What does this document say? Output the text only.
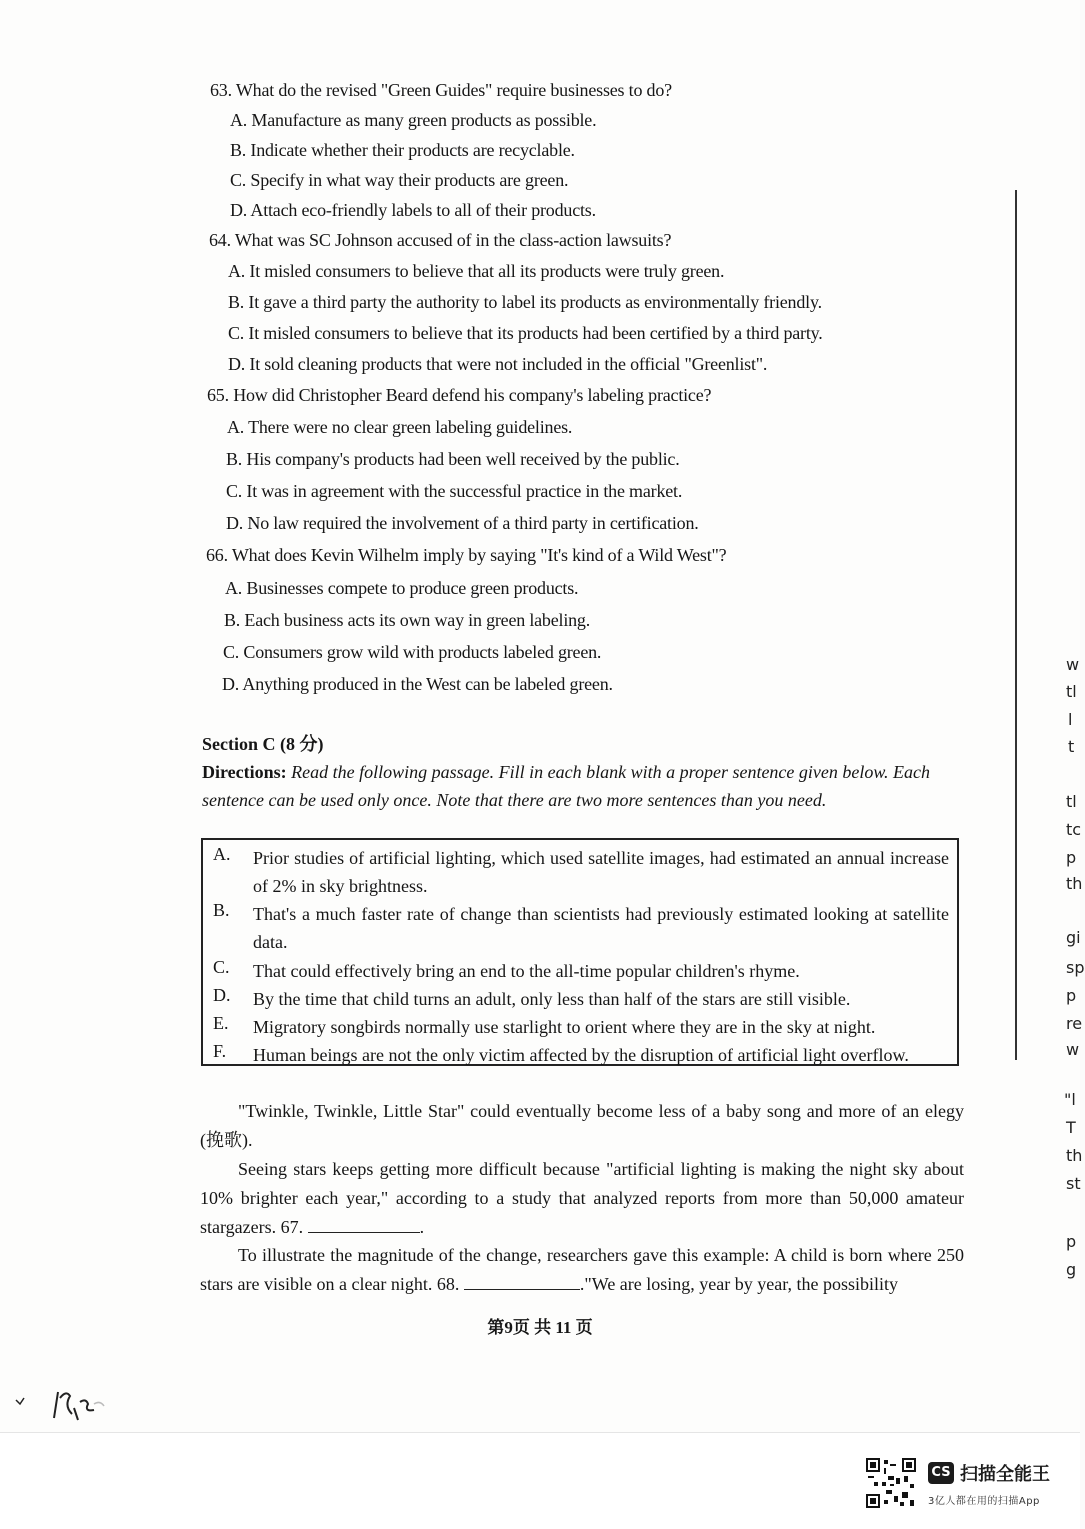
63. What do the revised "Green Guides" require businesses to do?
A. Manufacture as many green products as possible.
B. Indicate whether their products are recyclable.
C. Specify in what way their products are green.
D. Attach eco-friendly labels to all of their products.
64. What was SC Johnson accused of in the class-action lawsuits?
A. It misled consumers to believe that all its products were truly green.
B. It gave a third party the authority to label its products as environmentally friendly.
C. It misled consumers to believe that its products had been certified by a third party.
D. It sold cleaning products that were not included in the official "Greenlist".
65. How did Christopher Beard defend his company's labeling practice?
A. There were no clear green labeling guidelines.
B. His company's products had been well received by the public.
C. It was in agreement with the successful practice in the market.
D. No law required the involvement of a third party in certification.
66. What does Kevin Wilhelm imply by saying "It's kind of a Wild West"?
A. Businesses compete to produce green products.
B. Each business acts its own way in green labeling.
C. Consumers grow wild with products labeled green.
D. Anything produced in the West can be labeled green.
Section C (8 分)
Directions: Read the following passage. Fill in each blank with a proper sentence given below. Each sentence can be used only once. Note that there are two more sentences than you need.
A.	Prior studies of artificial lighting, which used satellite images, had estimated an annual increase of 2% in sky brightness.
B.	That's a much faster rate of change than scientists had previously estimated looking at satellite data.
C.	That could effectively bring an end to the all-time popular children's rhyme.
D.	By the time that child turns an adult, only less than half of the stars are still visible.
E.	Migratory songbirds normally use starlight to orient where they are in the sky at night.
F.	Human beings are not the only victim affected by the disruption of artificial light overflow.
"Twinkle, Twinkle, Little Star" could eventually become less of a baby song and more of an elegy (挽歌).
Seeing stars keeps getting more difficult because "artificial lighting is making the night sky about 10% brighter each year," according to a study that analyzed reports from more than 50,000 amateur stargazers. 67.	.
To illustrate the magnitude of the change, researchers gave this example: A child is born where 250 stars are visible on a clear night. 68.	."We are losing, year by year, the possibility
第9页 共 11 页
w
tl
l
t
tl
tc
p
th
gi
sp
p
re
w
"l
T
th
st
p
g
CS 扫描全能王
3亿人都在用的扫描App
